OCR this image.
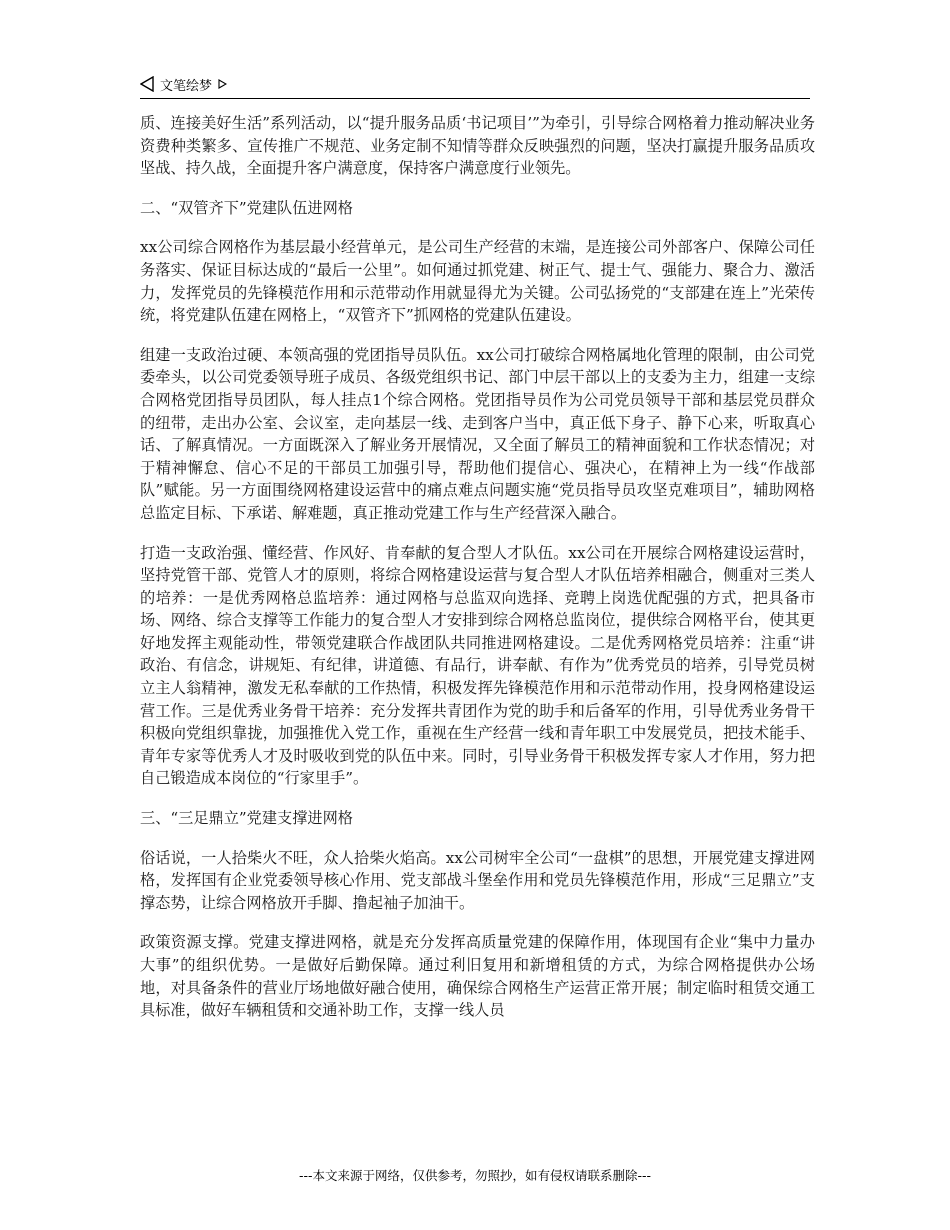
文笔绘梦

质、连接美好生活”系列活动，以“提升服务品质‘书记项目’”为牵引，引导综合网格着力推动解决业务资费种类繁多、宣传推广不规范、业务定制不知情等群众反映强烈的问题，坚决打赢提升服务品质攻坚战、持久战，全面提升客户满意度，保持客户满意度行业领先。

二、“双管齐下”党建队伍进网格

xx公司综合网格作为基层最小经营单元，是公司生产经营的末端，是连接公司外部客户、保障公司任务落实、保证目标达成的“最后一公里”。如何通过抓党建、树正气、提士气、强能力、聚合力、激活力，发挥党员的先锋模范作用和示范带动作用就显得尤为关键。公司弘扬党的“支部建在连上”光荣传统，将党建队伍建在网格上，“双管齐下”抓网格的党建队伍建设。

组建一支政治过硬、本领高强的党团指导员队伍。xx公司打破综合网格属地化管理的限制，由公司党委牵头，以公司党委领导班子成员、各级党组织书记、部门中层干部以上的支委为主力，组建一支综合网格党团指导员团队，每人挂点1个综合网格。党团指导员作为公司党员领导干部和基层党员群众的纽带，走出办公室、会议室，走向基层一线、走到客户当中，真正低下身子、静下心来，听取真心话、了解真情况。一方面既深入了解业务开展情况，又全面了解员工的精神面貌和工作状态情况；对于精神懈怠、信心不足的干部员工加强引导，帮助他们提信心、强决心，在精神上为一线“作战部队”赋能。另一方面围绕网格建设运营中的痛点难点问题实施“党员指导员攻坚克难项目”，辅助网格总监定目标、下承诺、解难题，真正推动党建工作与生产经营深入融合。

打造一支政治强、懂经营、作风好、肯奉献的复合型人才队伍。xx公司在开展综合网格建设运营时，坚持党管干部、党管人才的原则，将综合网格建设运营与复合型人才队伍培养相融合，侧重对三类人的培养：一是优秀网格总监培养：通过网格与总监双向选择、竞聘上岗选优配强的方式，把具备市场、网络、综合支撑等工作能力的复合型人才安排到综合网格总监岗位，提供综合网格平台，使其更好地发挥主观能动性，带领党建联合作战团队共同推进网格建设。二是优秀网格党员培养：注重“讲政治、有信念，讲规矩、有纪律，讲道德、有品行，讲奉献、有作为”优秀党员的培养，引导党员树立主人翁精神，激发无私奉献的工作热情，积极发挥先锋模范作用和示范带动作用，投身网格建设运营工作。三是优秀业务骨干培养：充分发挥共青团作为党的助手和后备军的作用，引导优秀业务骨干积极向党组织靠拢，加强推优入党工作，重视在生产经营一线和青年职工中发展党员，把技术能手、青年专家等优秀人才及时吸收到党的队伍中来。同时，引导业务骨干积极发挥专家人才作用，努力把自己锻造成本岗位的“行家里手”。

三、“三足鼎立”党建支撑进网格

俗话说，一人拾柴火不旺，众人拾柴火焰高。xx公司树牢全公司“一盘棋”的思想，开展党建支撑进网格，发挥国有企业党委领导核心作用、党支部战斗堡垒作用和党员先锋模范作用，形成“三足鼎立”支撑态势，让综合网格放开手脚、撸起袖子加油干。

政策资源支撑。党建支撑进网格，就是充分发挥高质量党建的保障作用，体现国有企业“集中力量办大事”的组织优势。一是做好后勤保障。通过利旧复用和新增租赁的方式，为综合网格提供办公场地，对具备条件的营业厅场地做好融合使用，确保综合网格生产运营正常开展；制定临时租赁交通工具标准，做好车辆租赁和交通补助工作，支撑一线人员

---本文来源于网络，仅供参考，勿照抄，如有侵权请联系删除---
